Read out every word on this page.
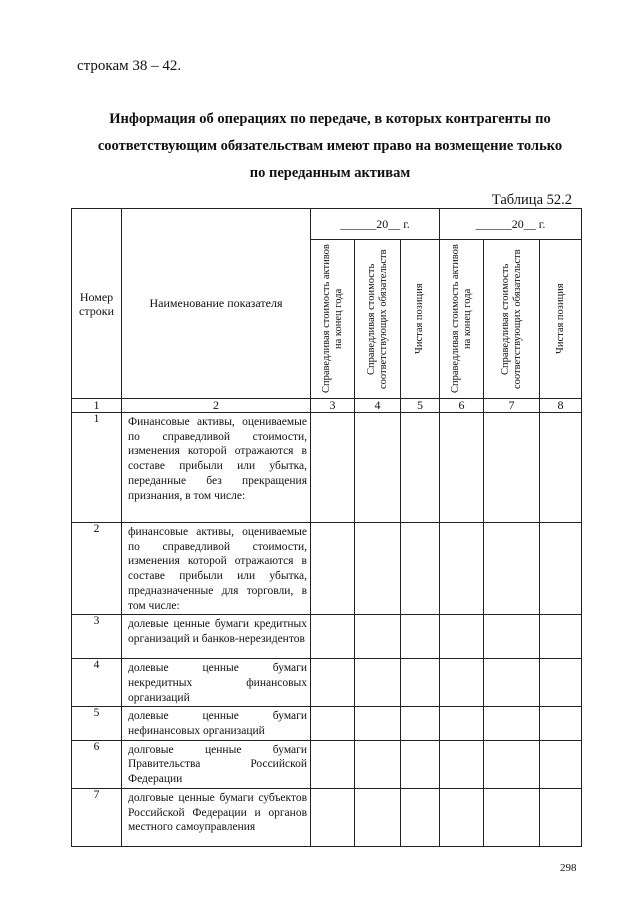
строкам 38 – 42.
Информация об операциях по передаче, в которых контрагенты по
соответствующим обязательствам имеют право на возмещение только
по переданным активам
Таблица 52.2
Номер строки	Наименование показателя	______20__ г.			______20__ г.		

		Справедливая стоимость активов на конец года	Справедливая стоимость соответствующих обязательств	Чистая позиция	Справедливая стоимость активов на конец года	Справедливая стоимость соответствующих обязательств	Чистая позиция

1	2	3	4	5	6	7	8
1	Финансовые активы, оцениваемые по справедливой стоимости, изменения которой отражаются в составе прибыли или убытка, переданные без прекращения признания, в том числе:						
2	финансовые активы, оцениваемые по справедливой стоимости, изменения которой отражаются в составе прибыли или убытка, предназначенные для торговли, в том числе:						
3	долевые ценные бумаги кредитных организаций и банков-нерезидентов						
4	долевые ценные бумаги некредитных финансовых организаций						
5	долевые ценные бумаги нефинансовых организаций						
6	долговые ценные бумаги Правительства Российской Федерации						
7	долговые ценные бумаги субъектов Российской Федерации и органов местного самоуправления						
298
